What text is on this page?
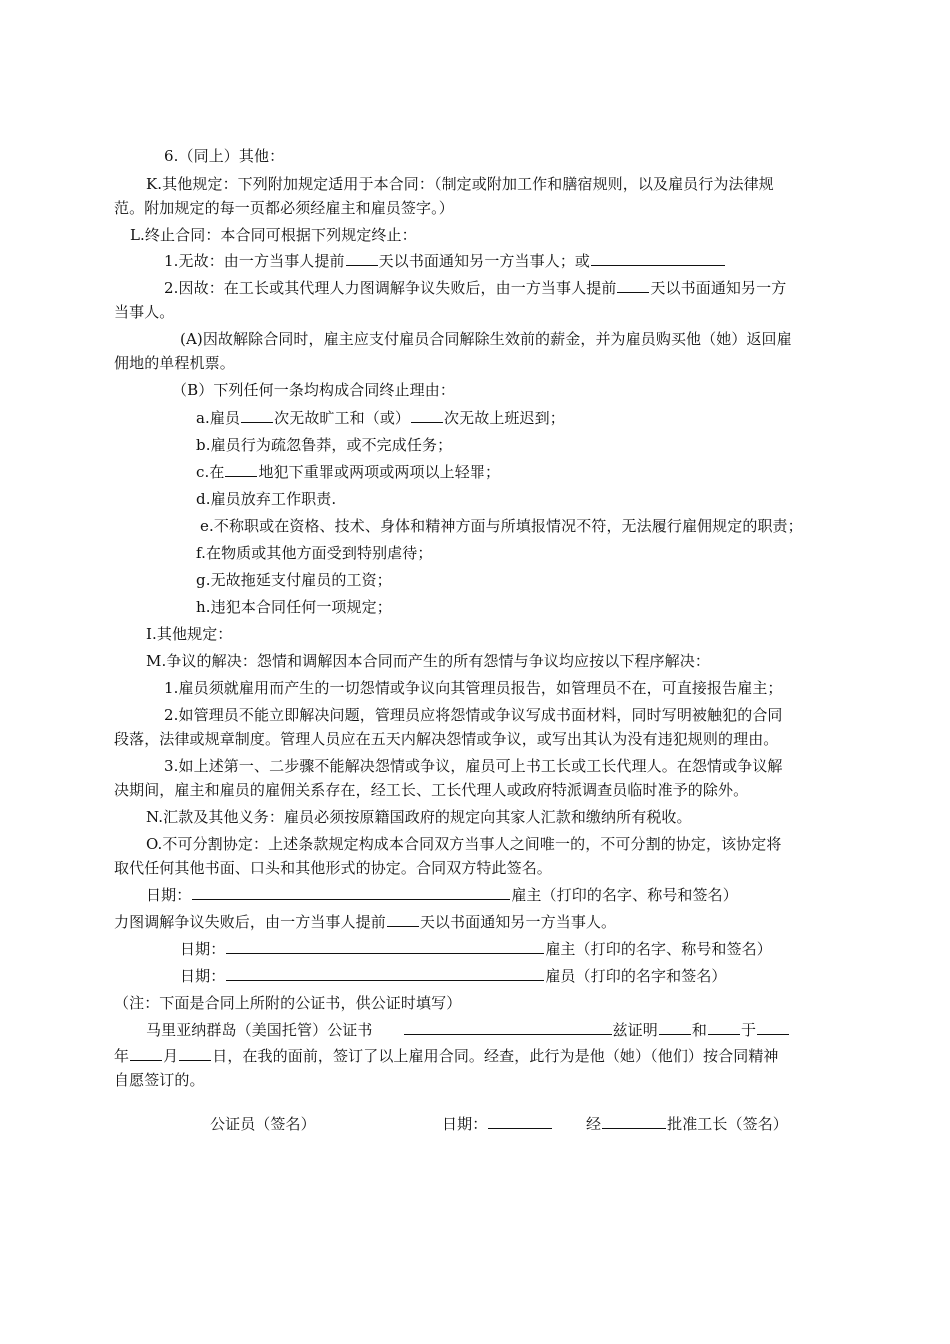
6.（同上）其他：
K.其他规定：下列附加规定适用于本合同：（制定或附加工作和膳宿规则，以及雇员行为法律规
范。附加规定的每一页都必须经雇主和雇员签字。）
L.终止合同：本合同可根据下列规定终止：
1.无故：由一方当事人提前 天以书面通知另一方当事人；或
2.因故：在工长或其代理人力图调解争议失败后，由一方当事人提前 天以书面通知另一方
当事人。
(A)因故解除合同时，雇主应支付雇员合同解除生效前的薪金，并为雇员购买他（她）返回雇
佣地的单程机票。
（B）下列任何一条均构成合同终止理由：
a.雇员 次无故旷工和（或） 次无故上班迟到；
b.雇员行为疏忽鲁莽，或不完成任务；
c.在 地犯下重罪或两项或两项以上轻罪；
d.雇员放弃工作职责.
e.不称职或在资格、技术、身体和精神方面与所填报情况不符，无法履行雇佣规定的职责；
f.在物质或其他方面受到特别虐待；
g.无故拖延支付雇员的工资；
h.违犯本合同任何一项规定；
I.其他规定：
M.争议的解决：怨情和调解因本合同而产生的所有怨情与争议均应按以下程序解决：
1.雇员须就雇用而产生的一切怨情或争议向其管理员报告，如管理员不在，可直接报告雇主；
2.如管理员不能立即解决问题，管理员应将怨情或争议写成书面材料，同时写明被触犯的合同
段落，法律或规章制度。管理人员应在五天内解决怨情或争议，或写出其认为没有违犯规则的理由。
3.如上述第一、二步骤不能解决怨情或争议，雇员可上书工长或工长代理人。在怨情或争议解
决期间，雇主和雇员的雇佣关系存在，经工长、工长代理人或政府特派调查员临时准予的除外。
N.汇款及其他义务：雇员必须按原籍国政府的规定向其家人汇款和缴纳所有税收。
O.不可分割协定：上述条款规定构成本合同双方当事人之间唯一的，不可分割的协定，该协定将
取代任何其他书面、口头和其他形式的协定。合同双方特此签名。
日期：	雇主（打印的名字、称号和签名）
力图调解争议失败后，由一方当事人提前 天以书面通知另一方当事人。
日期：	雇主（打印的名字、称号和签名）
日期：	雇员（打印的名字和签名）
（注：下面是合同上所附的公证书，供公证时填写）
马里亚纳群岛（美国托管）公证书	兹证明 和 于
年 月 日，在我的面前，签订了以上雇用合同。经查，此行为是他（她）（他们）按合同精神
自愿签订的。
公证员（签名）	日期：	经	批准工长（签名）
